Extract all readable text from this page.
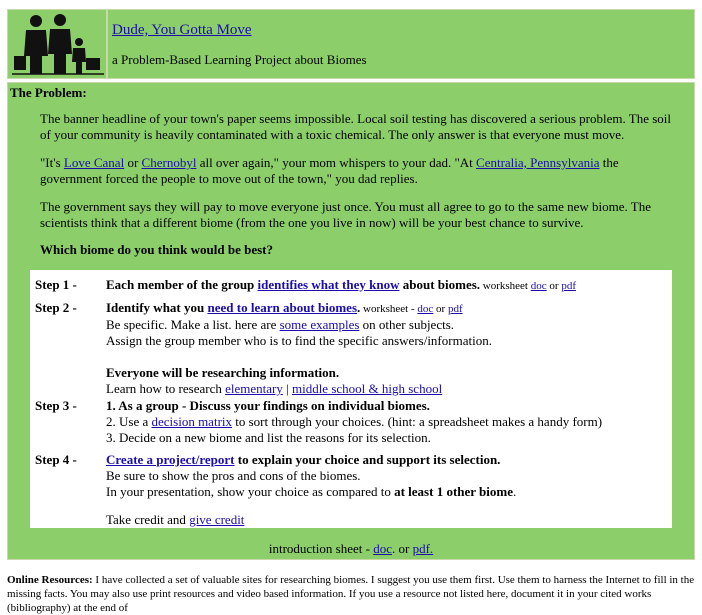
Dude, You Gotta Move
a Problem-Based Learning Project about Biomes
The Problem:

The banner headline of your town's paper seems impossible. Local soil testing has discovered a serious problem. The soil of your community is heavily contaminated with a toxic chemical. The only answer is that everyone must move.

"It's Love Canal or Chernobyl all over again," your mom whispers to your dad. "At Centralia, Pennsylvania the government forced the people to move out of the town," you dad replies.

The government says they will pay to move everyone just once. You must all agree to go to the same new biome. The scientists think that a different biome (from the one you live in now) will be your best chance to survive.

Which biome do you think would be best?

Step 1 - Each member of the group identifies what they know about biomes. worksheet doc or pdf
Step 2 - Identify what you need to learn about biomes. worksheet - doc or pdf
Be specific. Make a list. here are some examples on other subjects.
Assign the group member who is to find the specific answers/information.
Everyone will be researching information.
Learn how to research elementary | middle school & high school
Step 3 - 1. As a group - Discuss your findings on individual biomes.
2. Use a decision matrix to sort through your choices. (hint: a spreadsheet makes a handy form)
3. Decide on a new biome and list the reasons for its selection.
Step 4 - Create a project/report to explain your choice and support its selection.
Be sure to show the pros and cons of the biomes.
In your presentation, show your choice as compared to at least 1 other biome.
Take credit and give credit
introduction sheet - doc. or pdf.
Online Resources: I have collected a set of valuable sites for researching biomes. I suggest you use them first. Use them to harness the Internet to fill in the missing facts. You may also use print resources and video based information. If you use a resource not listed here, document it in your cited works (bibliography) at the end of
